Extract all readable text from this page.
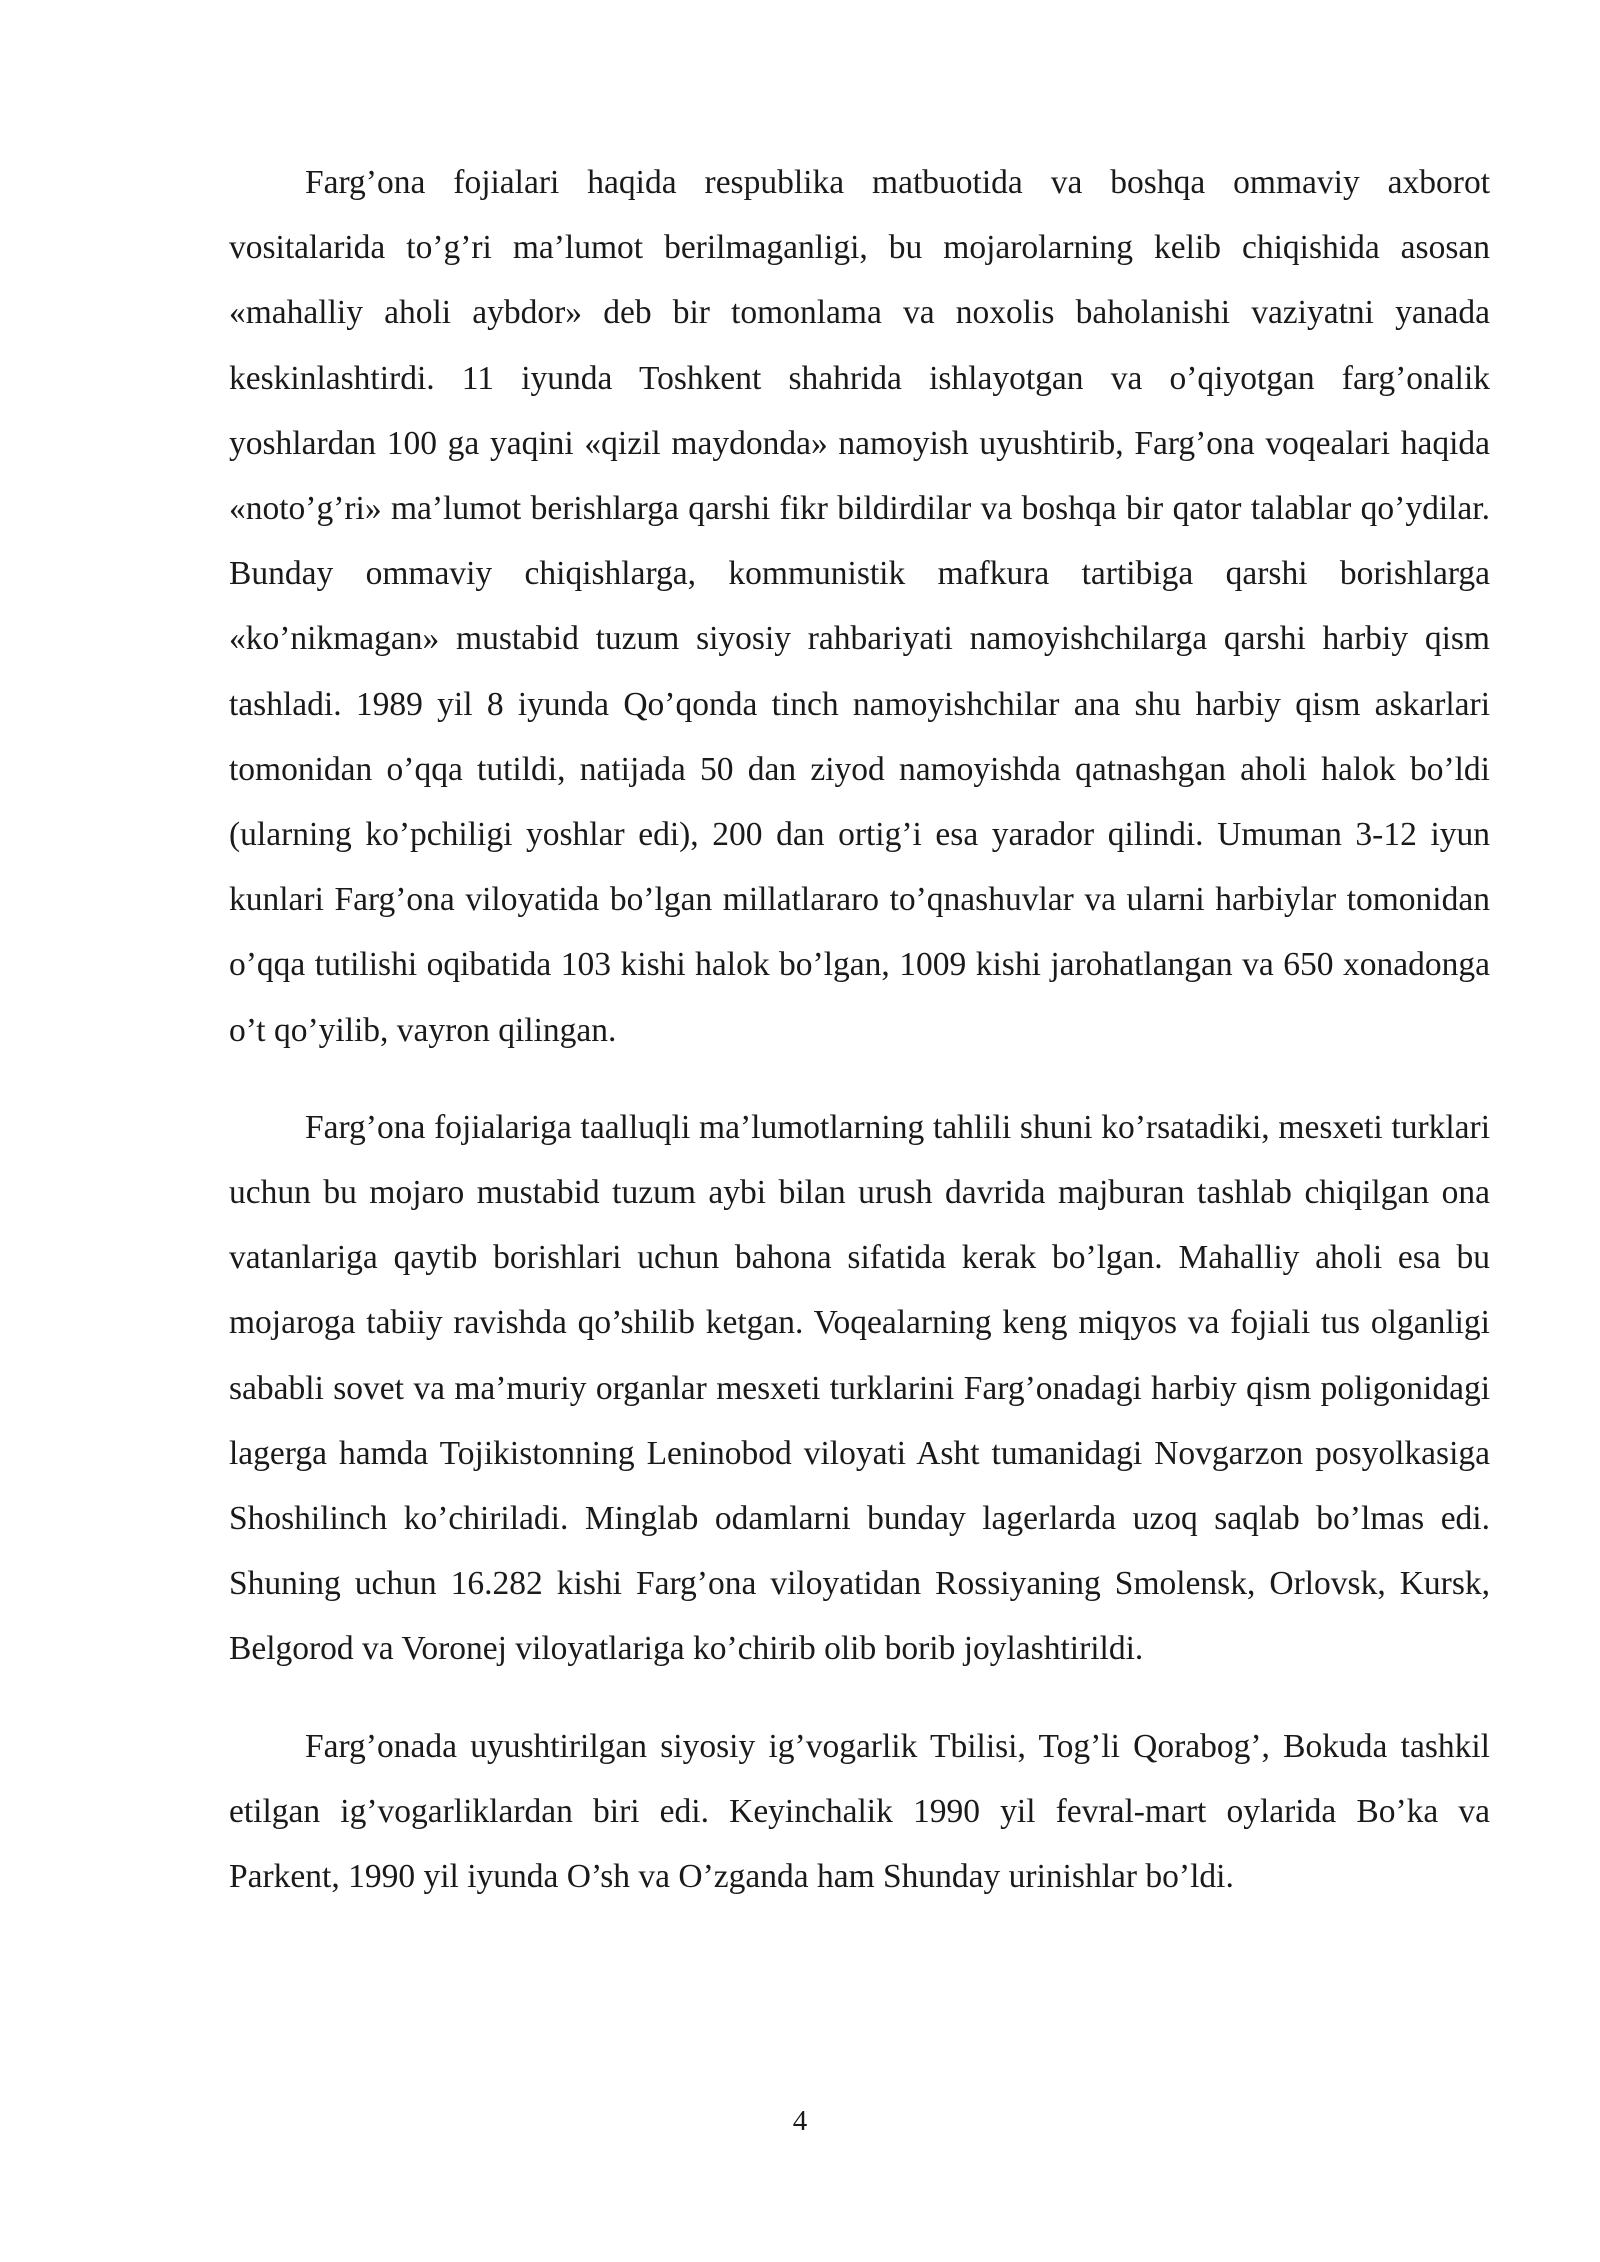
Farg’ona fojialari haqida respublika matbuotida va boshqa ommaviy axborot vositalarida to’g’ri ma’lumot berilmaganligi, bu mojarolarning kelib chiqishida asosan «mahalliy aholi aybdor» deb bir tomonlama va noxolis baholanishi vaziyatni yanada keskinlashtirdi. 11 iyunda Toshkent shahrida ishlayotgan va o’qiyotgan farg’onalik yoshlardan 100 ga yaqini «qizil maydonda» namoyish uyushtirib, Farg’ona voqealari haqida «noto’g’ri» ma’lumot berishlarga qarshi fikr bildirdilar va boshqa bir qator talablar qo’ydilar. Bunday ommaviy chiqishlarga, kommunistik mafkura tartibiga qarshi borishlarga «ko’nikmagan» mustabid tuzum siyosiy rahbariyati namoyishchilarga qarshi harbiy qism tashladi. 1989 yil 8 iyunda Qo’qonda tinch namoyishchilar ana shu harbiy qism askarlari tomonidan o’qqa tutildi, natijada 50 dan ziyod namoyishda qatnashgan aholi halok bo’ldi (ularning ko’pchiligi yoshlar edi), 200 dan ortig’i esa yarador qilindi. Umuman 3-12 iyun kunlari Farg’ona viloyatida bo’lgan millatlararo to’qnashuvlar va ularni harbiylar tomonidan o’qqa tutilishi oqibatida 103 kishi halok bo’lgan, 1009 kishi jarohatlangan va 650 xonadonga o’t qo’yilib, vayron qilingan.

Farg’ona fojialariga taalluqli ma’lumotlarning tahlili shuni ko’rsatadiki, mesxeti turklari uchun bu mojaro mustabid tuzum aybi bilan urush davrida majburan tashlab chiqilgan ona vatanlariga qaytib borishlari uchun bahona sifatida kerak bo’lgan. Mahalliy aholi esa bu mojaroga tabiiy ravishda qo’shilib ketgan. Voqealarning keng miqyos va fojiali tus olganligi sababli sovet va ma’muriy organlar mesxeti turklarini Farg’onadagi harbiy qism poligonidagi lagerga hamda Tojikistonning Leninobod viloyati Asht tumanidagi Novgarzon posyolkasiga Shoshilinch ko’chiriladi. Minglab odamlarni bunday lagerlarda uzoq saqlab bo’lmas edi. Shuning uchun 16.282 kishi Farg’ona viloyatidan Rossiyaning Smolensk, Orlovsk, Kursk, Belgorod va Voronej viloyatlariga ko’chirib olib borib joylashtirildi.

Farg’onada uyushtirilgan siyosiy ig’vogarlik Tbilisi, Tog’li Qorabog’, Bokuda tashkil etilgan ig’vogarliklardan biri edi. Keyinchalik 1990 yil fevral-mart oylarida Bo’ka va Parkent, 1990 yil iyunda O’sh va O’zganda ham Shunday urinishlar bo’ldi.

4
